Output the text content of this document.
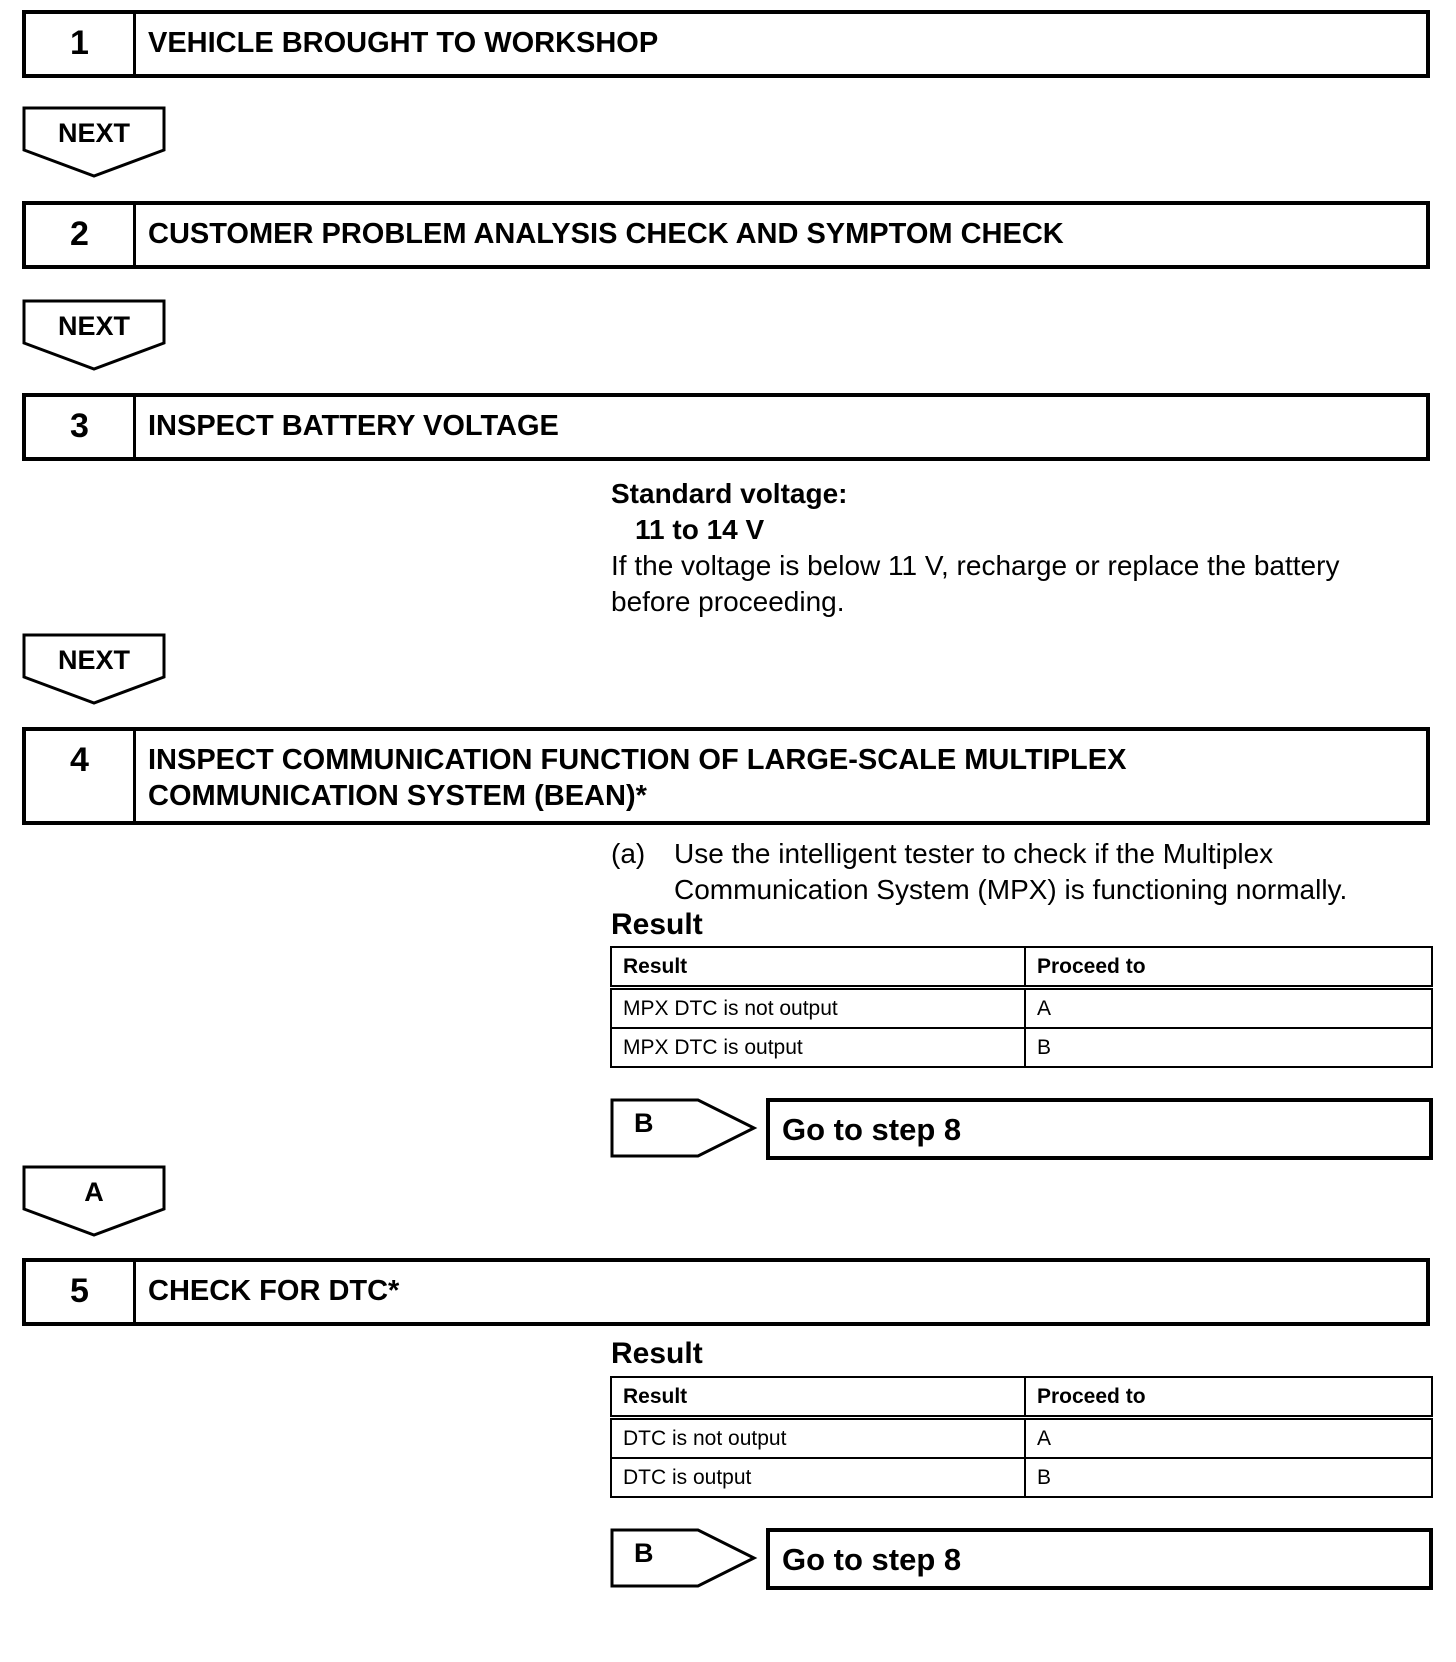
1	VEHICLE BROUGHT TO WORKSHOP
NEXT
2	CUSTOMER PROBLEM ANALYSIS CHECK AND SYMPTOM CHECK
NEXT
3	INSPECT BATTERY VOLTAGE
Standard voltage:
11 to 14 V
If the voltage is below 11 V, recharge or replace the battery
before proceeding.
NEXT
4	INSPECT COMMUNICATION FUNCTION OF LARGE-SCALE MULTIPLEX
COMMUNICATION SYSTEM (BEAN)*
(a)	Use the intelligent tester to check if the Multiplex
Communication System (MPX) is functioning normally.
Result
Result	Proceed to
MPX DTC is not output	A
MPX DTC is output	B
B	Go to step 8
A
5	CHECK FOR DTC*
Result
Result	Proceed to
DTC is not output	A
DTC is output	B
B	Go to step 8
